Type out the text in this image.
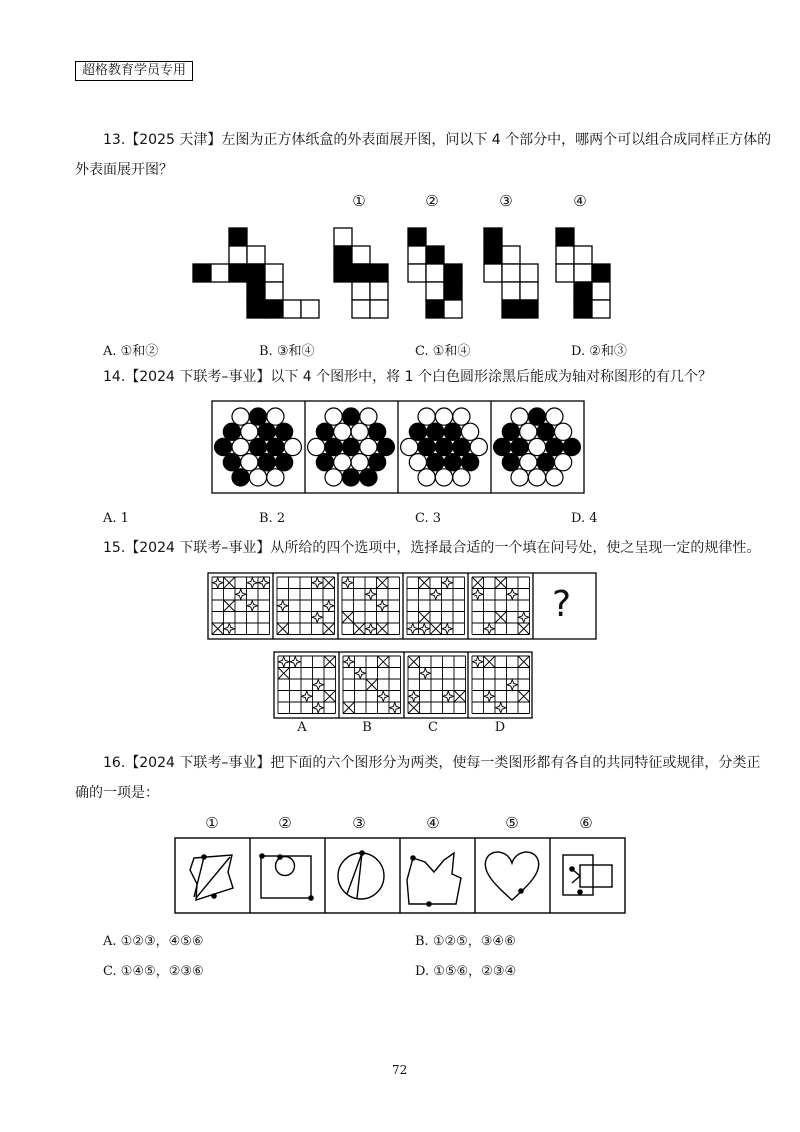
超格教育学员专用
13.【2025 天津】左图为正方体纸盒的外表面展开图，问以下 4 个部分中，哪两个可以组合成同样正方体的
外表面展开图？
①	②	③	④
A. ①和②	B. ③和④	C. ①和④	D. ②和③
14.【2024 下联考–事业】以下 4 个图形中，将 1 个白色圆形涂黑后能成为轴对称图形的有几个？
A. 1	B. 2	C. 3	D. 4
15.【2024 下联考–事业】从所给的四个选项中，选择最合适的一个填在问号处，使之呈现一定的规律性。
?
A	B	C	D
16.【2024 下联考–事业】把下面的六个图形分为两类，使每一类图形都有各自的共同特征或规律，分类正
确的一项是：
①	②	③	④	⑤	⑥
A. ①②③，④⑤⑥	B. ①②⑤，③④⑥
C. ①④⑤，②③⑥	D. ①⑤⑥，②③④
72
